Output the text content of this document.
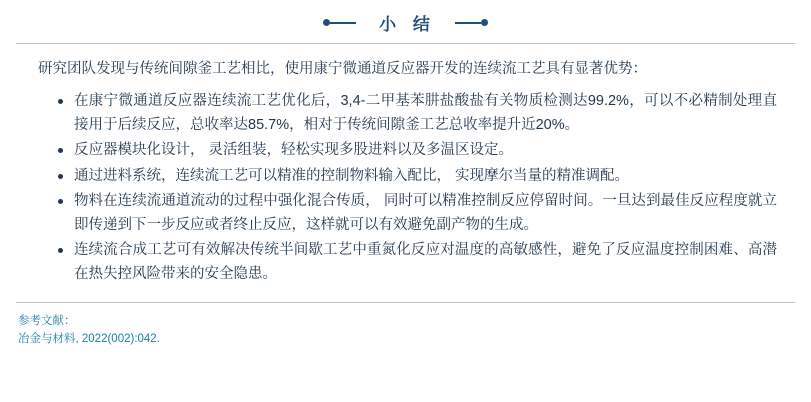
小 结

研究团队发现与传统间隙釜工艺相比，使用康宁微通道反应器开发的连续流工艺具有显著优势：

在康宁微通道反应器连续流工艺优化后，3,4-二甲基苯肼盐酸盐有关物质检测达99.2%，可以不必精制处理直接用于后续反应，总收率达85.7%，相对于传统间隙釜工艺总收率提升近20%。
反应器模块化设计， 灵活组装，轻松实现多股进料以及多温区设定。
通过进料系统，连续流工艺可以精准的控制物料输入配比， 实现摩尔当量的精准调配。
物料在连续流通道流动的过程中强化混合传质， 同时可以精准控制反应停留时间。一旦达到最佳反应程度就立即传递到下一步反应或者终止反应，这样就可以有效避免副产物的生成。
连续流合成工艺可有效解决传统半间歇工艺中重氮化反应对温度的高敏感性，避免了反应温度控制困难、高潜在热失控风险带来的安全隐患。
参考文献：
冶金与材料, 2022(002):042.
